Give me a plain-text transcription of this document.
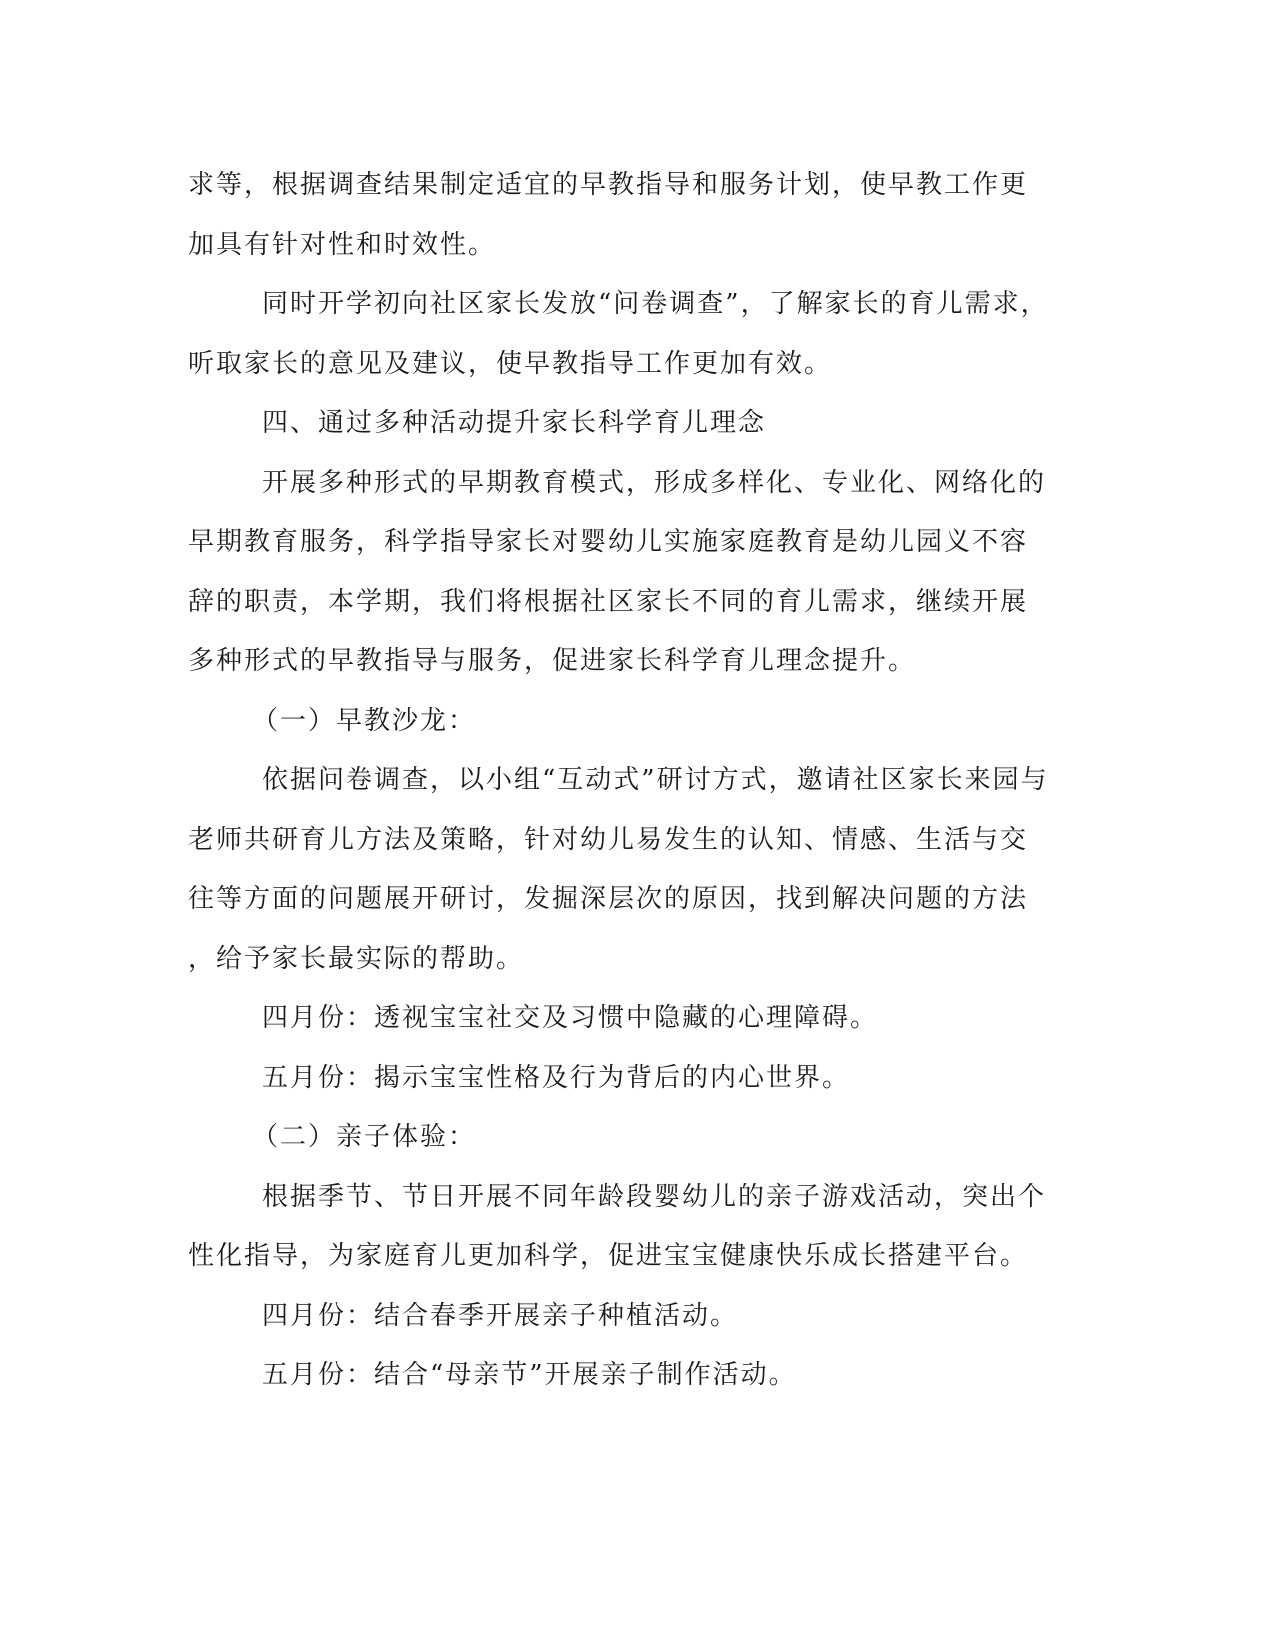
求等，根据调查结果制定适宜的早教指导和服务计划，使早教工作更

加具有针对性和时效性。

同时开学初向社区家长发放“问卷调查”，了解家长的育儿需求，

听取家长的意见及建议，使早教指导工作更加有效。

四、通过多种活动提升家长科学育儿理念

开展多种形式的早期教育模式，形成多样化、专业化、网络化的

早期教育服务，科学指导家长对婴幼儿实施家庭教育是幼儿园义不容

辞的职责，本学期，我们将根据社区家长不同的育儿需求，继续开展

多种形式的早教指导与服务，促进家长科学育儿理念提升。

（一）早教沙龙：

依据问卷调查，以小组“互动式”研讨方式，邀请社区家长来园与

老师共研育儿方法及策略，针对幼儿易发生的认知、情感、生活与交

往等方面的问题展开研讨，发掘深层次的原因，找到解决问题的方法

，给予家长最实际的帮助。

四月份：透视宝宝社交及习惯中隐藏的心理障碍。

五月份：揭示宝宝性格及行为背后的内心世界。

（二）亲子体验：

根据季节、节日开展不同年龄段婴幼儿的亲子游戏活动，突出个

性化指导，为家庭育儿更加科学，促进宝宝健康快乐成长搭建平台。

四月份：结合春季开展亲子种植活动。

五月份：结合“母亲节”开展亲子制作活动。
